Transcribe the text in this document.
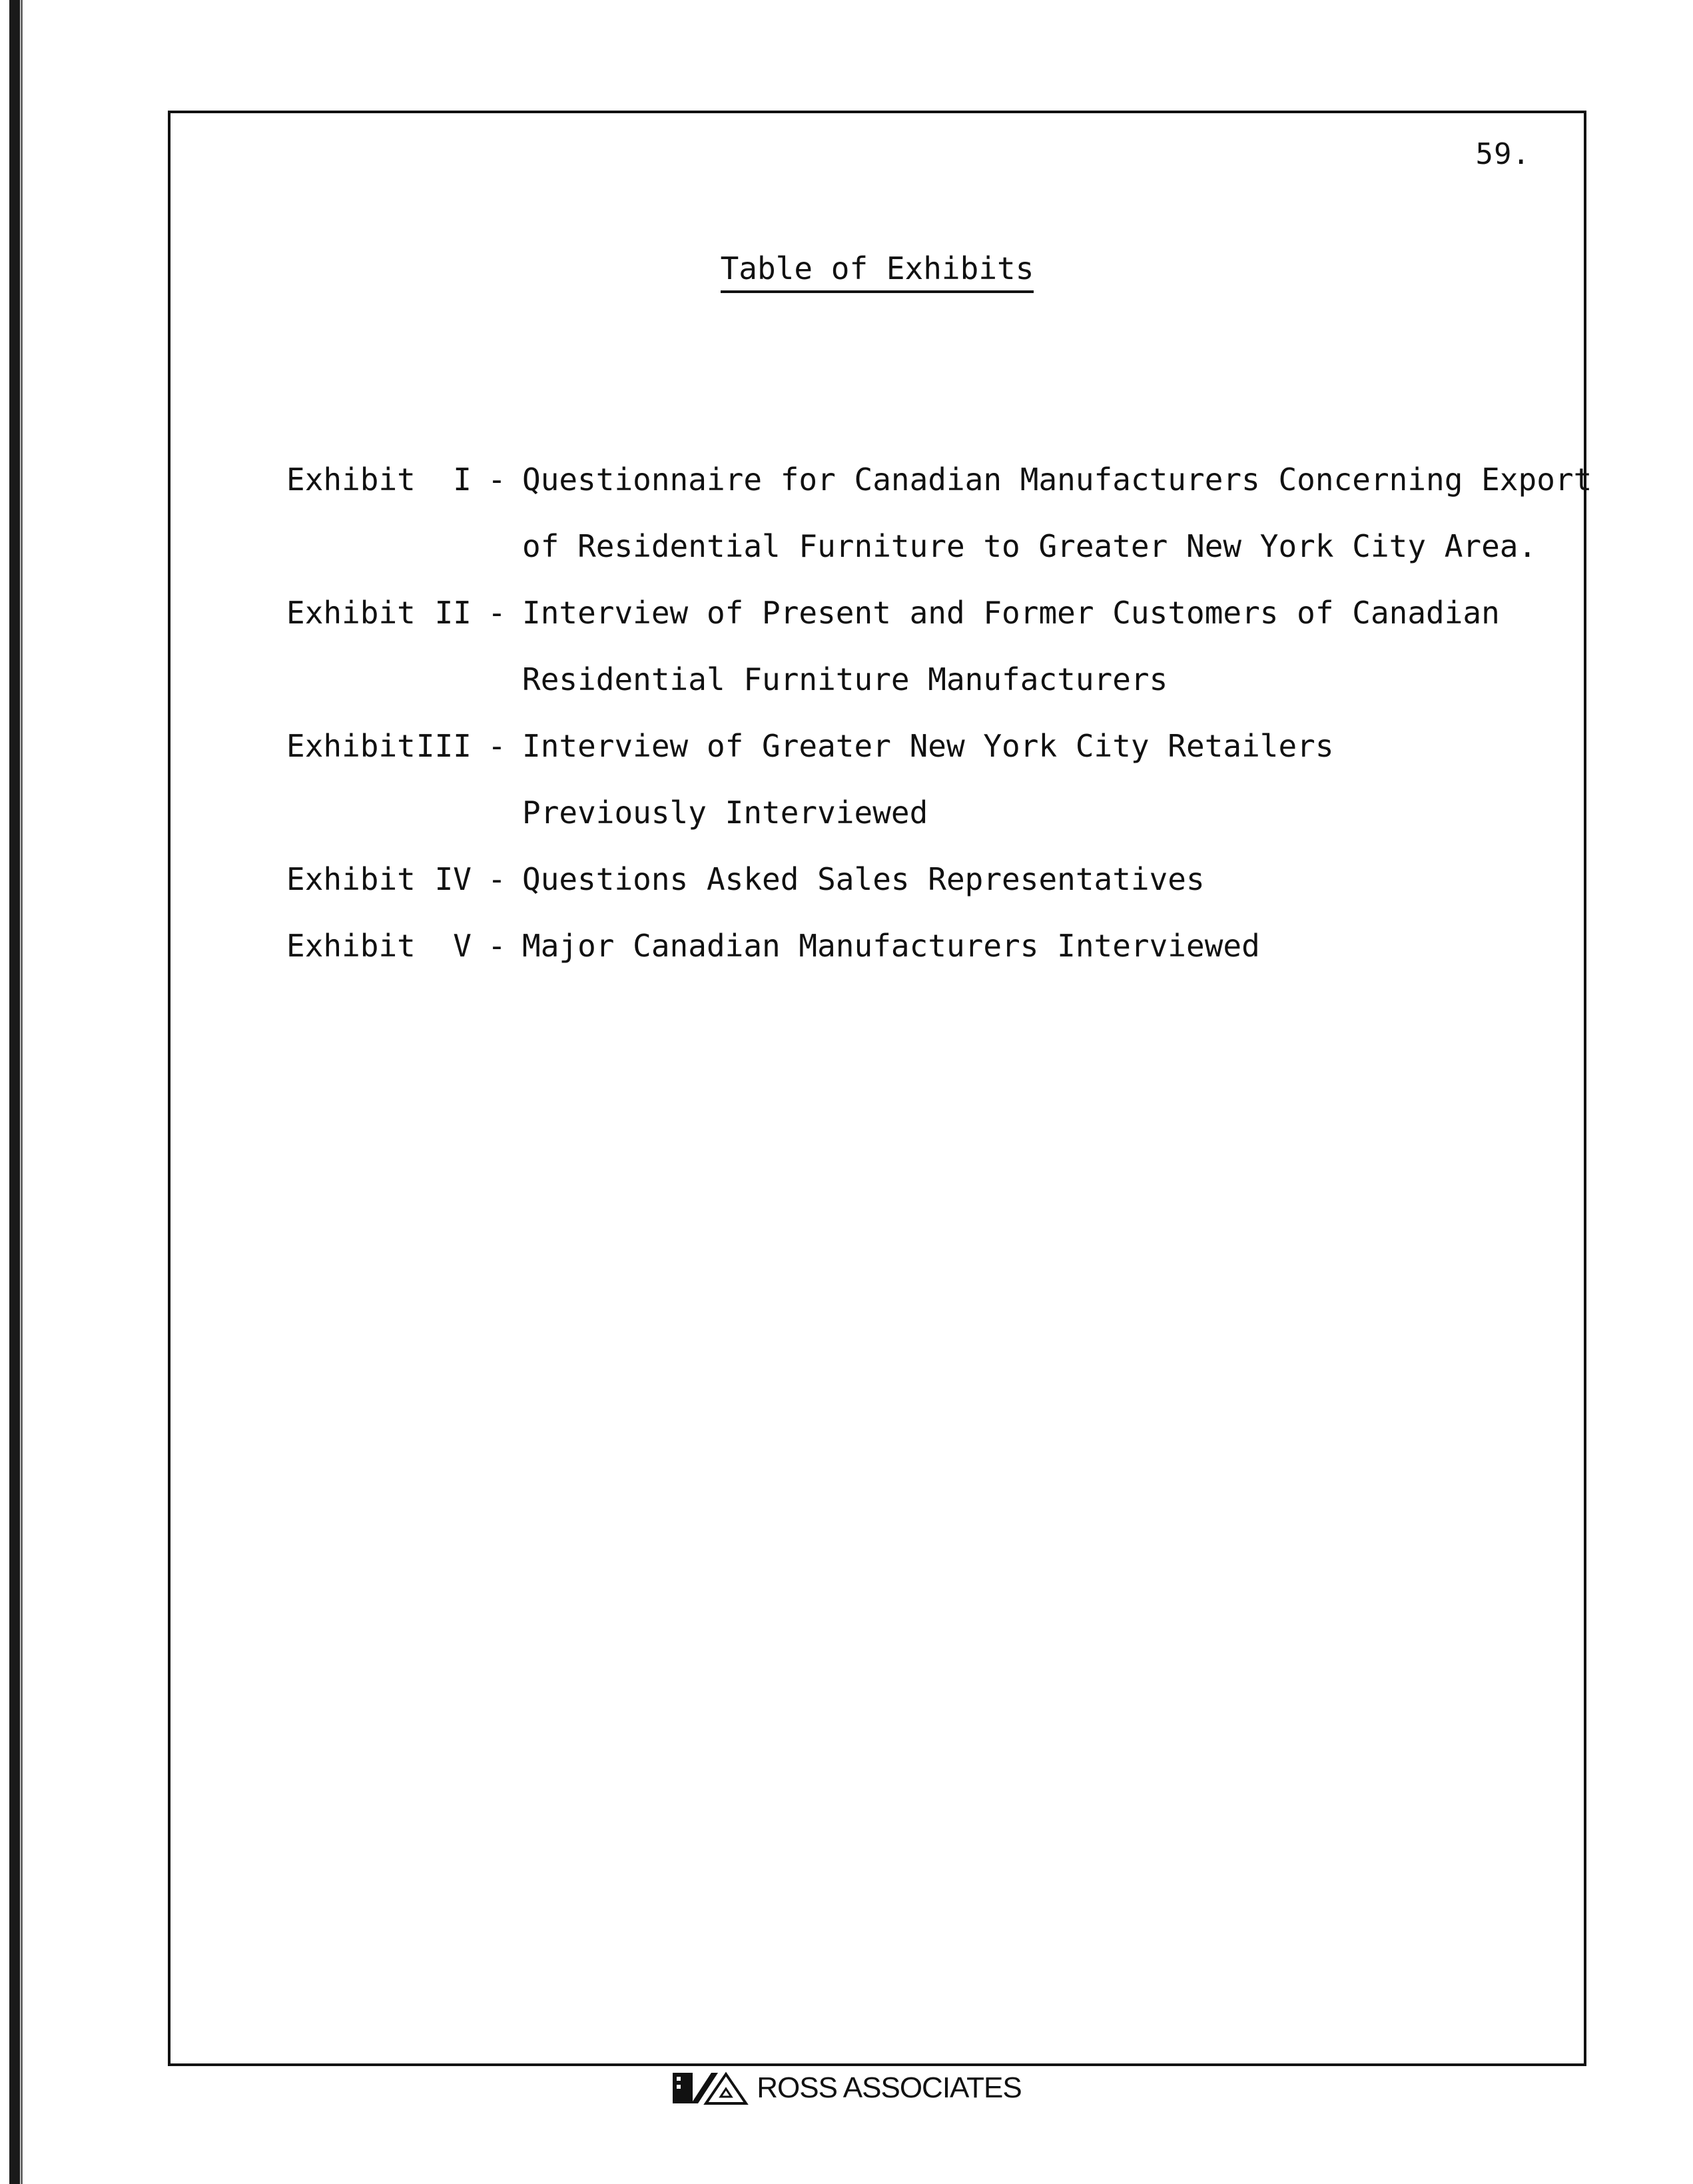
59.
Table of Exhibits
Exhibit	I - Questionnaire for Canadian Manufacturers Concerning Export
of Residential Furniture to Greater New York City Area.
Exhibit II - Interview of Present and Former Customers of Canadian
Residential Furniture Manufacturers
Exhibit III - Interview of Greater New York City Retailers
Previously Interviewed
Exhibit IV - Questions Asked Sales Representatives
Exhibit	V - Major Canadian Manufacturers Interviewed
ROSS ASSOCIATES
